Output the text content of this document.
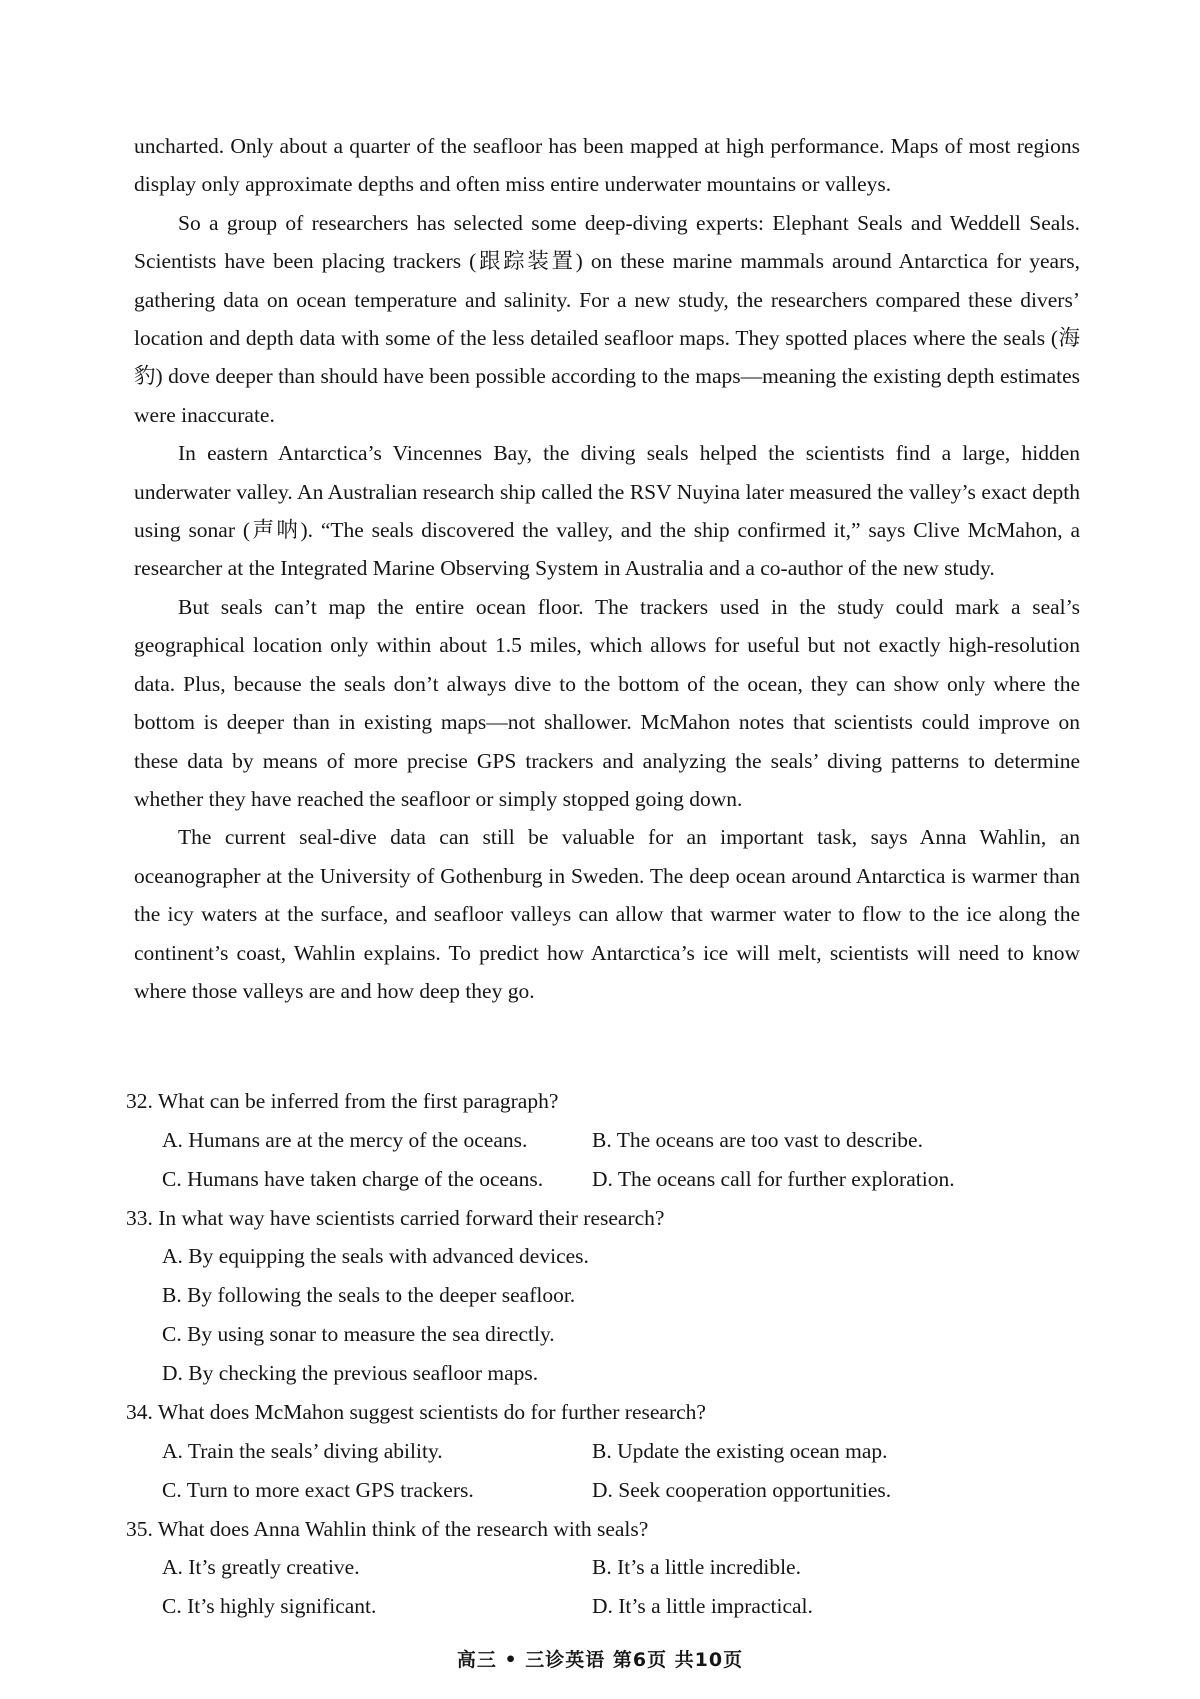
uncharted. Only about a quarter of the seafloor has been mapped at high performance. Maps of most regions display only approximate depths and often miss entire underwater mountains or valleys.

So a group of researchers has selected some deep-diving experts: Elephant Seals and Weddell Seals. Scientists have been placing trackers (跟踪装置) on these marine mammals around Antarctica for years, gathering data on ocean temperature and salinity. For a new study, the researchers compared these divers’ location and depth data with some of the less detailed seafloor maps. They spotted places where the seals (海豹) dove deeper than should have been possible according to the maps—meaning the existing depth estimates were inaccurate.

In eastern Antarctica’s Vincennes Bay, the diving seals helped the scientists find a large, hidden underwater valley. An Australian research ship called the RSV Nuyina later measured the valley’s exact depth using sonar (声呐). “The seals discovered the valley, and the ship confirmed it,” says Clive McMahon, a researcher at the Integrated Marine Observing System in Australia and a co-author of the new study.

But seals can’t map the entire ocean floor. The trackers used in the study could mark a seal’s geographical location only within about 1.5 miles, which allows for useful but not exactly high-resolution data. Plus, because the seals don’t always dive to the bottom of the ocean, they can show only where the bottom is deeper than in existing maps—not shallower. McMahon notes that scientists could improve on these data by means of more precise GPS trackers and analyzing the seals’ diving patterns to determine whether they have reached the seafloor or simply stopped going down.

The current seal-dive data can still be valuable for an important task, says Anna Wahlin, an oceanographer at the University of Gothenburg in Sweden. The deep ocean around Antarctica is warmer than the icy waters at the surface, and seafloor valleys can allow that warmer water to flow to the ice along the continent’s coast, Wahlin explains. To predict how Antarctica’s ice will melt, scientists will need to know where those valleys are and how deep they go.

32. What can be inferred from the first paragraph?
A. Humans are at the mercy of the oceans.	B. The oceans are too vast to describe.
C. Humans have taken charge of the oceans.	D. The oceans call for further exploration.
33. In what way have scientists carried forward their research?
A. By equipping the seals with advanced devices.
B. By following the seals to the deeper seafloor.
C. By using sonar to measure the sea directly.
D. By checking the previous seafloor maps.
34. What does McMahon suggest scientists do for further research?
A. Train the seals’ diving ability.	B. Update the existing ocean map.
C. Turn to more exact GPS trackers.	D. Seek cooperation opportunities.
35. What does Anna Wahlin think of the research with seals?
A. It’s greatly creative.	B. It’s a little incredible.
C. It’s highly significant.	D. It’s a little impractical.
高三 • 三诊英语 第6页 共10页
